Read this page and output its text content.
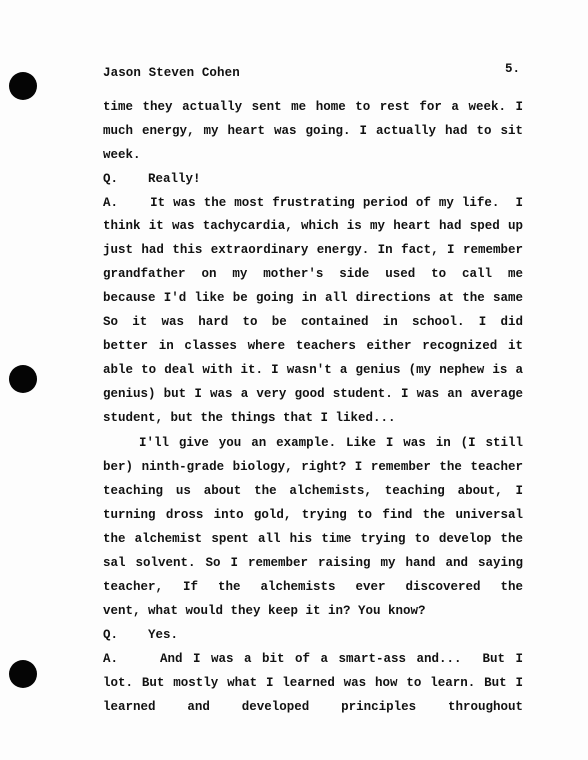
Jason Steven Cohen	5.
time they actually sent me home to rest for a week. I
much energy, my heart was going. I actually had to sit
week.
Q.    Really!
A.    It was the most frustrating period of my life.  I
think it was tachycardia, which is my heart had sped up
just had this extraordinary energy. In fact, I remember
grandfather on my mother's side used to call me
because I'd like be going in all directions at the same
So it was hard to be contained in school. I did
better in classes where teachers either recognized it
able to deal with it. I wasn't a genius (my nephew is a
genius) but I was a very good student. I was an average
student, but the things that I liked...
I'll give you an example. Like I was in (I still
ber) ninth-grade biology, right? I remember the teacher
teaching us about the alchemists, teaching about, I
turning dross into gold, trying to find the universal
the alchemist spent all his time trying to develop the
sal solvent. So I remember raising my hand and saying
teacher, If the alchemists ever discovered the
vent, what would they keep it in? You know?
Q.    Yes.
A.    And I was a bit of a smart-ass and...  But I
lot. But mostly what I learned was how to learn. But I
learned and developed principles throughout
